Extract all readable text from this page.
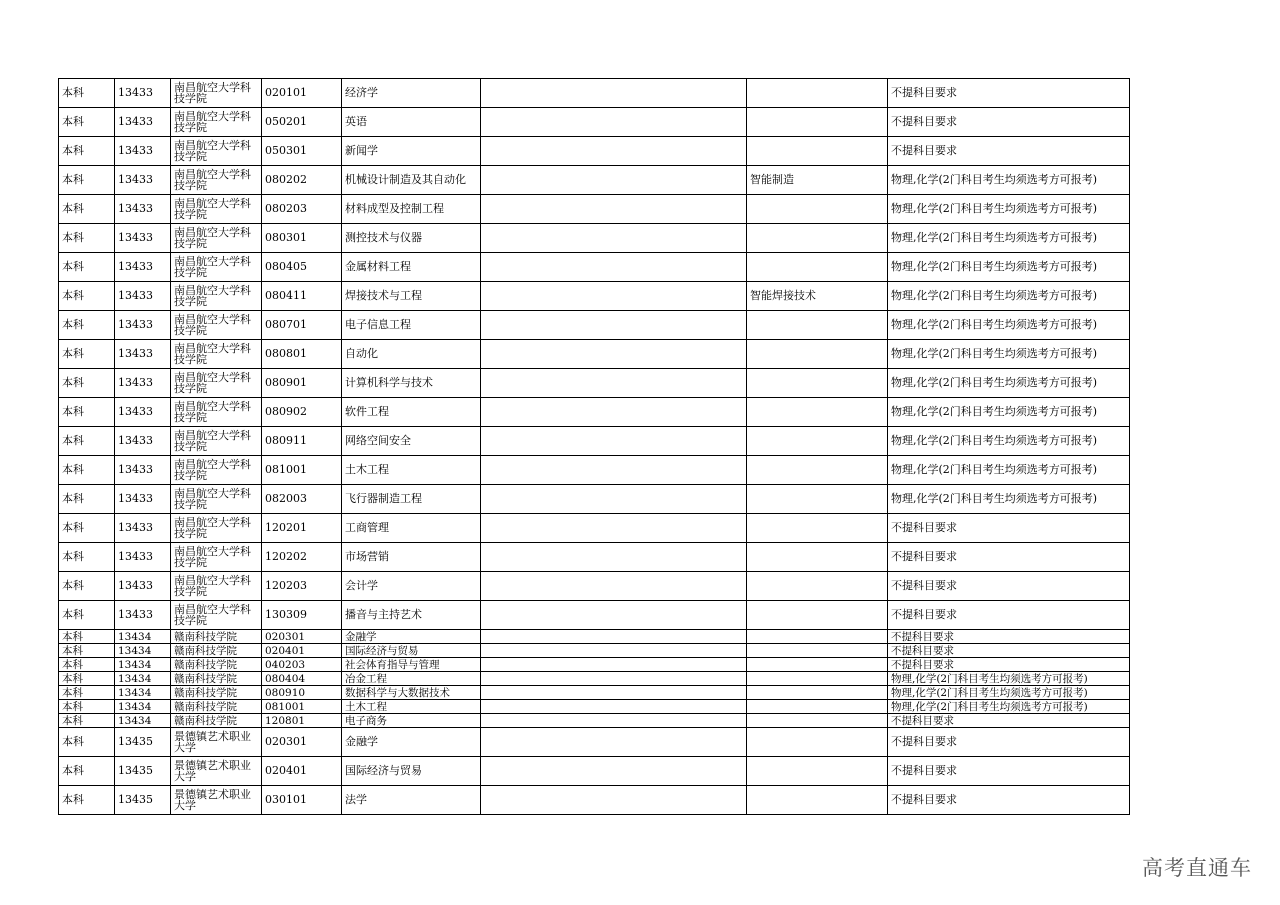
本科	13433	南昌航空大学科技学院	020101	经济学			不提科目要求
本科	13433	南昌航空大学科技学院	050201	英语			不提科目要求
本科	13433	南昌航空大学科技学院	050301	新闻学			不提科目要求
本科	13433	南昌航空大学科技学院	080202	机械设计制造及其自动化		智能制造	物理,化学(2门科目考生均须选考方可报考)
本科	13433	南昌航空大学科技学院	080203	材料成型及控制工程			物理,化学(2门科目考生均须选考方可报考)
本科	13433	南昌航空大学科技学院	080301	测控技术与仪器			物理,化学(2门科目考生均须选考方可报考)
本科	13433	南昌航空大学科技学院	080405	金属材料工程			物理,化学(2门科目考生均须选考方可报考)
本科	13433	南昌航空大学科技学院	080411	焊接技术与工程		智能焊接技术	物理,化学(2门科目考生均须选考方可报考)
本科	13433	南昌航空大学科技学院	080701	电子信息工程			物理,化学(2门科目考生均须选考方可报考)
本科	13433	南昌航空大学科技学院	080801	自动化			物理,化学(2门科目考生均须选考方可报考)
本科	13433	南昌航空大学科技学院	080901	计算机科学与技术			物理,化学(2门科目考生均须选考方可报考)
本科	13433	南昌航空大学科技学院	080902	软件工程			物理,化学(2门科目考生均须选考方可报考)
本科	13433	南昌航空大学科技学院	080911	网络空间安全			物理,化学(2门科目考生均须选考方可报考)
本科	13433	南昌航空大学科技学院	081001	土木工程			物理,化学(2门科目考生均须选考方可报考)
本科	13433	南昌航空大学科技学院	082003	飞行器制造工程			物理,化学(2门科目考生均须选考方可报考)
本科	13433	南昌航空大学科技学院	120201	工商管理			不提科目要求
本科	13433	南昌航空大学科技学院	120202	市场营销			不提科目要求
本科	13433	南昌航空大学科技学院	120203	会计学			不提科目要求
本科	13433	南昌航空大学科技学院	130309	播音与主持艺术			不提科目要求
本科	13434	赣南科技学院	020301	金融学			不提科目要求
本科	13434	赣南科技学院	020401	国际经济与贸易			不提科目要求
本科	13434	赣南科技学院	040203	社会体育指导与管理			不提科目要求
本科	13434	赣南科技学院	080404	冶金工程			物理,化学(2门科目考生均须选考方可报考)
本科	13434	赣南科技学院	080910	数据科学与大数据技术			物理,化学(2门科目考生均须选考方可报考)
本科	13434	赣南科技学院	081001	土木工程			物理,化学(2门科目考生均须选考方可报考)
本科	13434	赣南科技学院	120801	电子商务			不提科目要求
本科	13435	景德镇艺术职业大学	020301	金融学			不提科目要求
本科	13435	景德镇艺术职业大学	020401	国际经济与贸易			不提科目要求
本科	13435	景德镇艺术职业大学	030101	法学			不提科目要求
高考直通车
